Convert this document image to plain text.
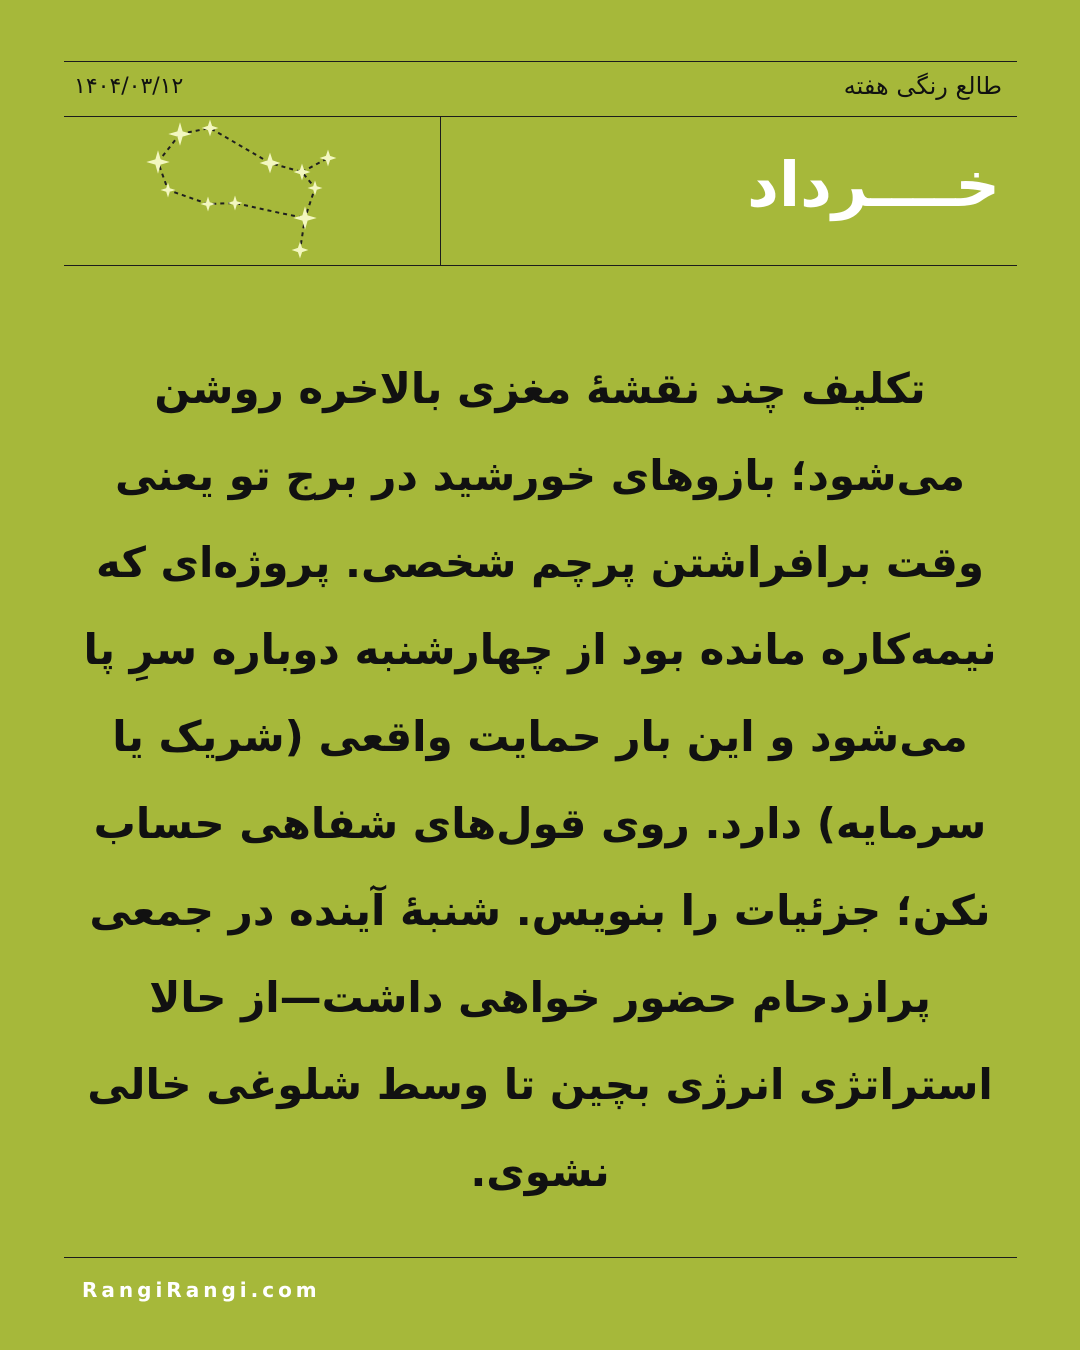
طالع رنگی هفته
۱۴۰۴/۰۳/۱۲
خــــرداد
تکلیف چند نقشهٔ مغزی بالاخره روشن می‌شود؛ بازوهای خورشید در برج تو یعنی وقت برافراشتن پرچم شخصی. پروژه‌ای که نیمه‌کاره مانده بود از چهارشنبه دوباره سرِ پا می‌شود و این بار حمایت واقعی (شریک یا سرمایه) دارد. روی قول‌های شفاهی حساب نکن؛ جزئیات را بنویس. شنبهٔ آینده در جمعی پرازدحام حضور خواهی داشت—از حالا استراتژی انرژی بچین تا وسط شلوغی خالی نشوی.
RangiRangi.com
